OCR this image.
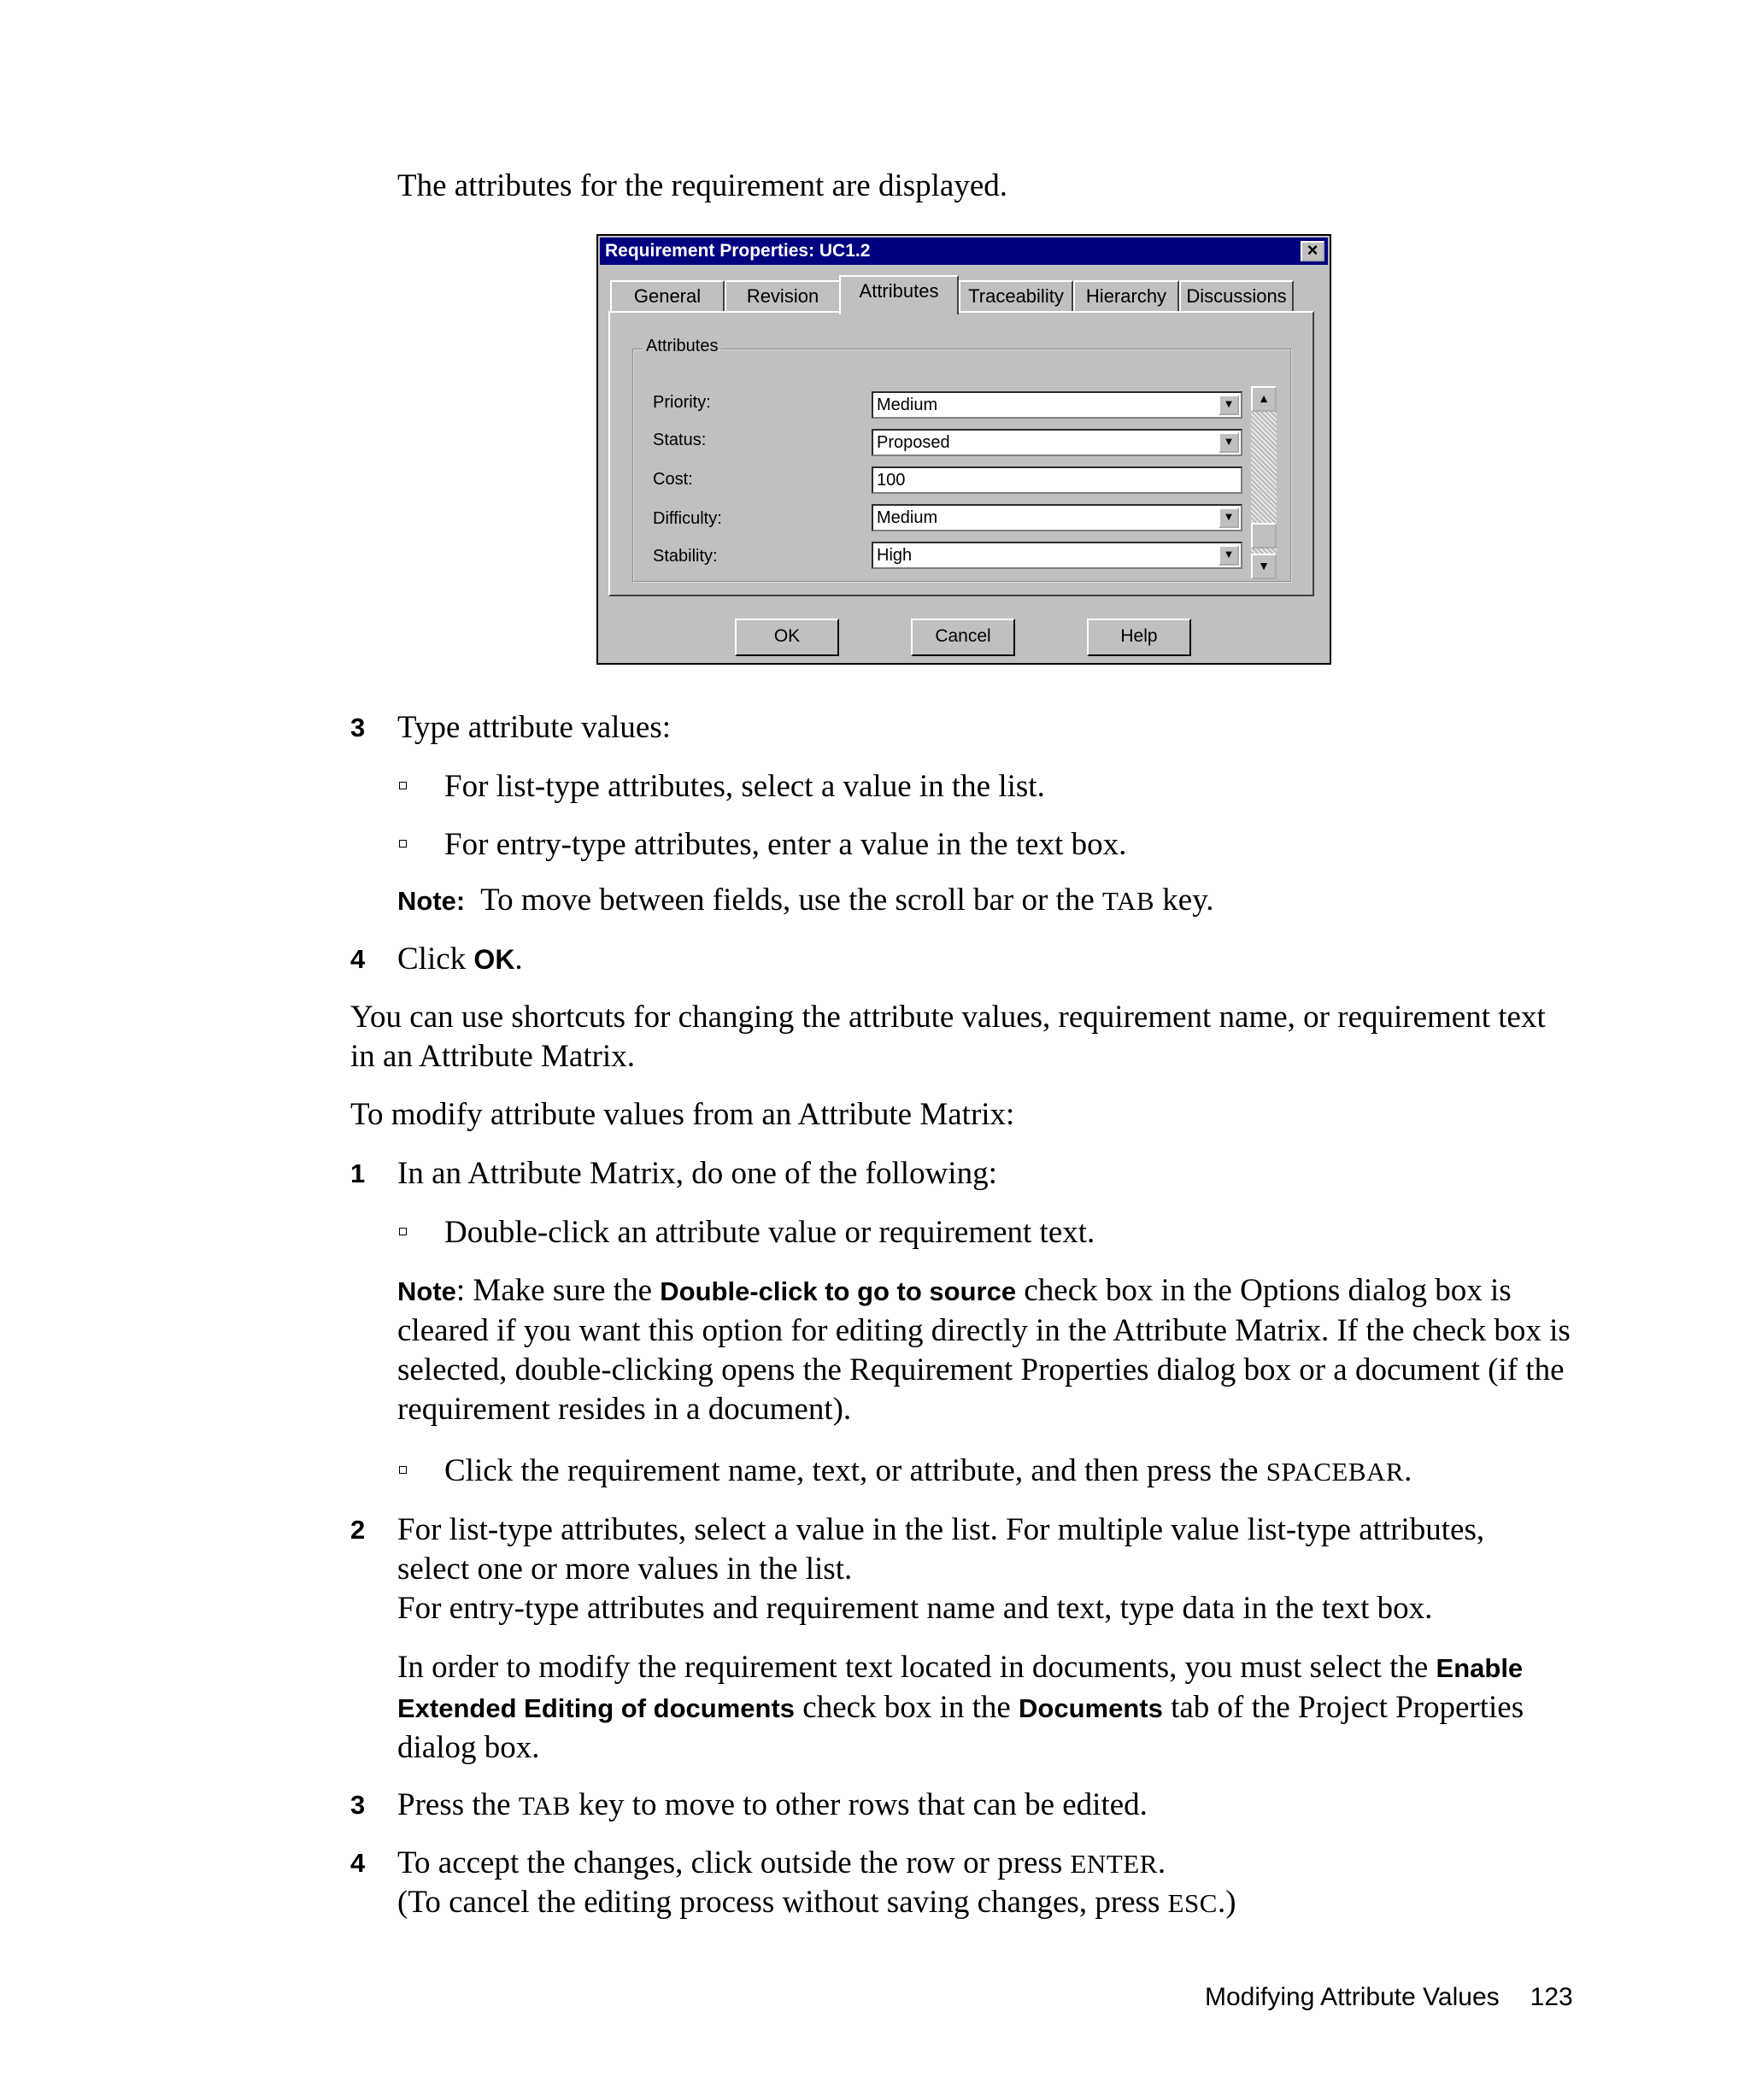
The attributes for the requirement are displayed.
Requirement Properties: UC1.2	×
General	Revision	Attributes	Traceability	Hierarchy	Discussions
Attributes
Priority:	Medium	▼
Status:	Proposed	▼
Cost:	100
Difficulty:	Medium	▼
Stability:	High	▼
▲
▼
OK	Cancel	Help
3 Type attribute values:
For list-type attributes, select a value in the list.
For entry-type attributes, enter a value in the text box.
Note: To move between fields, use the scroll bar or the TAB key.
4 Click OK.
You can use shortcuts for changing the attribute values, requirement name, or requirement text in an Attribute Matrix.
To modify attribute values from an Attribute Matrix:
1 In an Attribute Matrix, do one of the following:
Double-click an attribute value or requirement text.
Note: Make sure the Double-click to go to source check box in the Options dialog box is cleared if you want this option for editing directly in the Attribute Matrix. If the check box is selected, double-clicking opens the Requirement Properties dialog box or a document (if the requirement resides in a document).
Click the requirement name, text, or attribute, and then press the SPACEBAR.
2 For list-type attributes, select a value in the list. For multiple value list-type attributes, select one or more values in the list.
For entry-type attributes and requirement name and text, type data in the text box.
In order to modify the requirement text located in documents, you must select the Enable Extended Editing of documents check box in the Documents tab of the Project Properties dialog box.
3 Press the TAB key to move to other rows that can be edited.
4 To accept the changes, click outside the row or press ENTER.
(To cancel the editing process without saving changes, press ESC.)
Modifying Attribute Values 123
